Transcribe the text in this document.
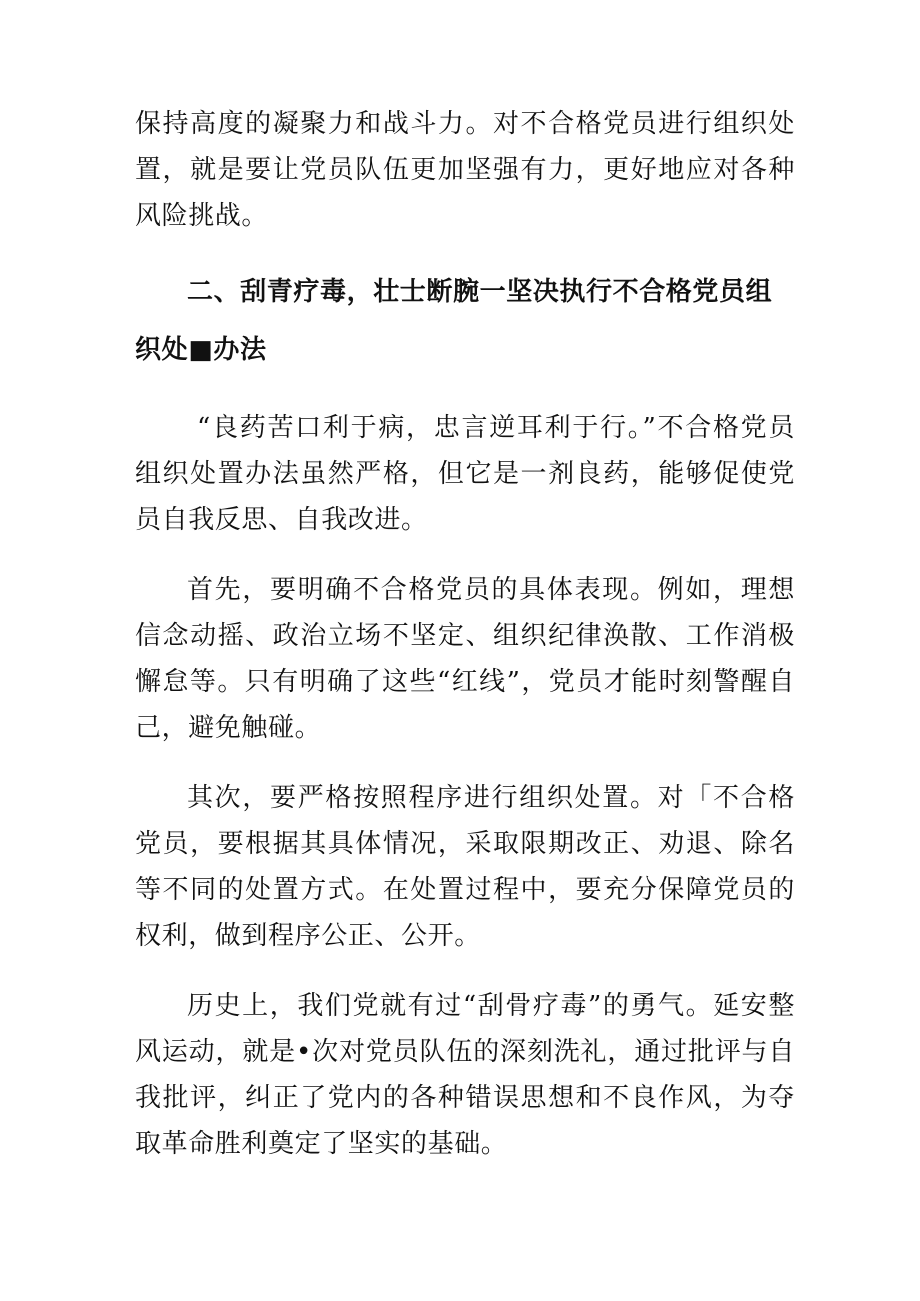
保持高度的凝聚力和战斗力。对不合格党员进行组织处置，就是要让党员队伍更加坚强有力，更好地应对各种风险挑战。

二、刮青疗毒，壮士断腕一坚决执行不合格党员组织处■办法

“良药苦口利于病，忠言逆耳利于行。”不合格党员组织处置办法虽然严格，但它是一剂良药，能够促使党员自我反思、自我改进。

首先，要明确不合格党员的具体表现。例如，理想信念动摇、政治立场不坚定、组织纪律涣散、工作消极懈怠等。只有明确了这些“红线”，党员才能时刻警醒自己，避免触碰。

其次，要严格按照程序进行组织处置。对「不合格党员，要根据其具体情况，采取限期改正、劝退、除名等不同的处置方式。在处置过程中，要充分保障党员的权利，做到程序公正、公开。

历史上，我们党就有过“刮骨疗毒”的勇气。延安整风运动，就是•次对党员队伍的深刻洗礼，通过批评与自我批评，纠正了党内的各种错误思想和不良作风，为夺取革命胜利奠定了坚实的基础。
